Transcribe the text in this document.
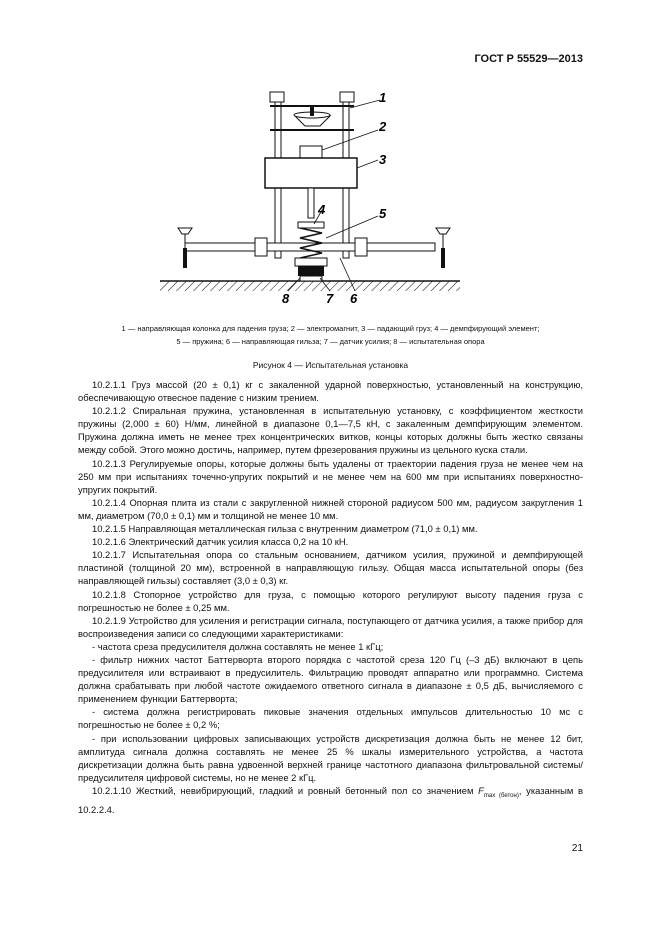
ГОСТ Р 55529—2013
1
2
3
4	5
6
7
8
1 — направляющая колонка для падения груза; 2 — электромагнит, 3 — падающий груз; 4 — демпфирующий элемент;
5 — пружина; 6 — направляющая гильза; 7 — датчик усилия; 8 — испытательная опора
Рисунок 4 — Испытательная установка

10.2.1.1 Груз массой (20 ± 0,1) кг с закаленной ударной поверхностью, установленный на конструкцию, обеспечивающую отвесное падение с низким трением.

10.2.1.2 Спиральная пружина, установленная в испытательную установку, с коэффициентом жесткости пружины (2,000 ± 60) Н/мм, линейной в диапазоне 0,1—7,5 кН, с закаленным демпфирующим элементом. Пружина должна иметь не менее трех концентрических витков, концы которых должны быть жестко связаны между собой. Этого можно достичь, например, путем фрезерования пружины из цельного куска стали.

10.2.1.3 Регулируемые опоры, которые должны быть удалены от траектории падения груза не менее чем на 250 мм при испытаниях точечно-упругих покрытий и не менее чем на 600 мм при испытаниях поверхностно-упругих покрытий.

10.2.1.4 Опорная плита из стали с закругленной нижней стороной радиусом 500 мм, радиусом закругления 1 мм, диаметром (70,0 ± 0,1) мм и толщиной не менее 10 мм.

10.2.1.5 Направляющая металлическая гильза с внутренним диаметром (71,0 ± 0,1) мм.

10.2.1.6 Электрический датчик усилия класса 0,2 на 10 кН.

10.2.1.7 Испытательная опора со стальным основанием, датчиком усилия, пружиной и демпфирующей пластиной (толщиной 20 мм), встроенной в направляющую гильзу. Общая масса испытательной опоры (без направляющей гильзы) составляет (3,0 ± 0,3) кг.

10.2.1.8 Стопорное устройство для груза, с помощью которого регулируют высоту падения груза с погрешностью не более ± 0,25 мм.

10.2.1.9 Устройство для усиления и регистрации сигнала, поступающего от датчика усилия, а также прибор для воспроизведения записи со следующими характеристиками:

- частота среза предусилителя должна составлять не менее 1 кГц;

- фильтр нижних частот Баттерворта второго порядка с частотой среза 120 Гц (–3 дБ) включают в цепь предусилителя или встраивают в предусилитель. Фильтрацию проводят аппаратно или программно. Система должна срабатывать при любой частоте ожидаемого ответного сигнала в диапазоне ± 0,5 дБ, вычисляемого с применением функции Баттерворта;

- система должна регистрировать пиковые значения отдельных импульсов длительностью 10 мс с погрешностью не более ± 0,2 %;

- при использовании цифровых записывающих устройств дискретизация должна быть не менее 12 бит, амплитуда сигнала должна составлять не менее 25 % шкалы измерительного устройства, а частота дискретизации должна быть равна удвоенной верхней границе частотного диапазона фильтровальной системы/предусилителя цифровой системы, но не менее 2 кГц.

10.2.1.10 Жесткий, невибрирующий, гладкий и ровный бетонный пол со значением $F_{max (бетон)}$, указанным в 10.2.2.4.

21
